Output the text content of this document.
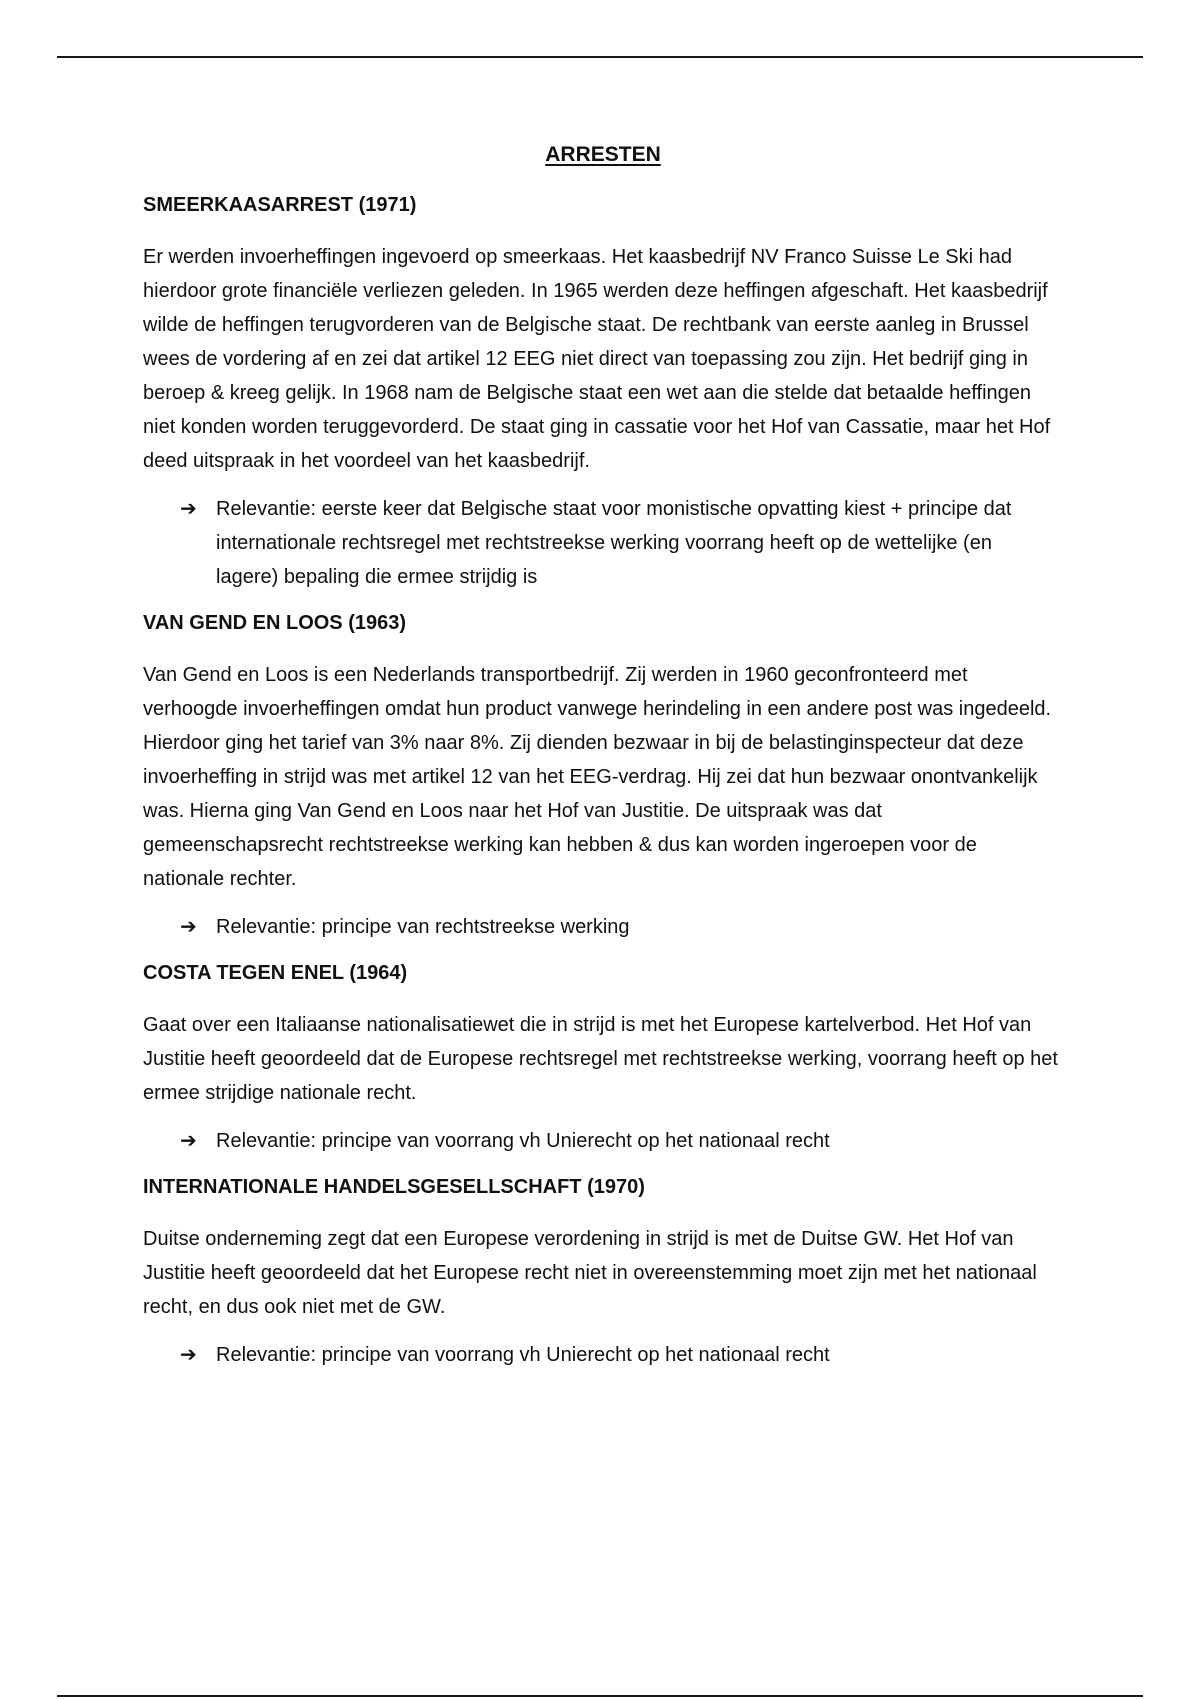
ARRESTEN
SMEERKAASARREST (1971)
Er werden invoerheffingen ingevoerd op smeerkaas. Het kaasbedrijf NV Franco Suisse Le Ski had hierdoor grote financiële verliezen geleden. In 1965 werden deze heffingen afgeschaft. Het kaasbedrijf wilde de heffingen terugvorderen van de Belgische staat. De rechtbank van eerste aanleg in Brussel wees de vordering af en zei dat artikel 12 EEG niet direct van toepassing zou zijn. Het bedrijf ging in beroep & kreeg gelijk. In 1968 nam de Belgische staat een wet aan die stelde dat betaalde heffingen niet konden worden teruggevorderd. De staat ging in cassatie voor het Hof van Cassatie, maar het Hof deed uitspraak in het voordeel van het kaasbedrijf.
➔ Relevantie: eerste keer dat Belgische staat voor monistische opvatting kiest + principe dat internationale rechtsregel met rechtstreekse werking voorrang heeft op de wettelijke (en lagere) bepaling die ermee strijdig is
VAN GEND EN LOOS (1963)
Van Gend en Loos is een Nederlands transportbedrijf. Zij werden in 1960 geconfronteerd met verhoogde invoerheffingen omdat hun product vanwege herindeling in een andere post was ingedeeld. Hierdoor ging het tarief van 3% naar 8%. Zij dienden bezwaar in bij de belastinginspecteur dat deze invoerheffing in strijd was met artikel 12 van het EEG-verdrag. Hij zei dat hun bezwaar onontvankelijk was. Hierna ging Van Gend en Loos naar het Hof van Justitie. De uitspraak was dat gemeenschapsrecht rechtstreekse werking kan hebben & dus kan worden ingeroepen voor de nationale rechter.
➔ Relevantie: principe van rechtstreekse werking
COSTA TEGEN ENEL (1964)
Gaat over een Italiaanse nationalisatiewet die in strijd is met het Europese kartelverbod. Het Hof van Justitie heeft geoordeeld dat de Europese rechtsregel met rechtstreekse werking, voorrang heeft op het ermee strijdige nationale recht.
➔ Relevantie: principe van voorrang vh Unierecht op het nationaal recht
INTERNATIONALE HANDELSGESELLSCHAFT (1970)
Duitse onderneming zegt dat een Europese verordening in strijd is met de Duitse GW. Het Hof van Justitie heeft geoordeeld dat het Europese recht niet in overeenstemming moet zijn met het nationaal recht, en dus ook niet met de GW.
➔ Relevantie: principe van voorrang vh Unierecht op het nationaal recht
